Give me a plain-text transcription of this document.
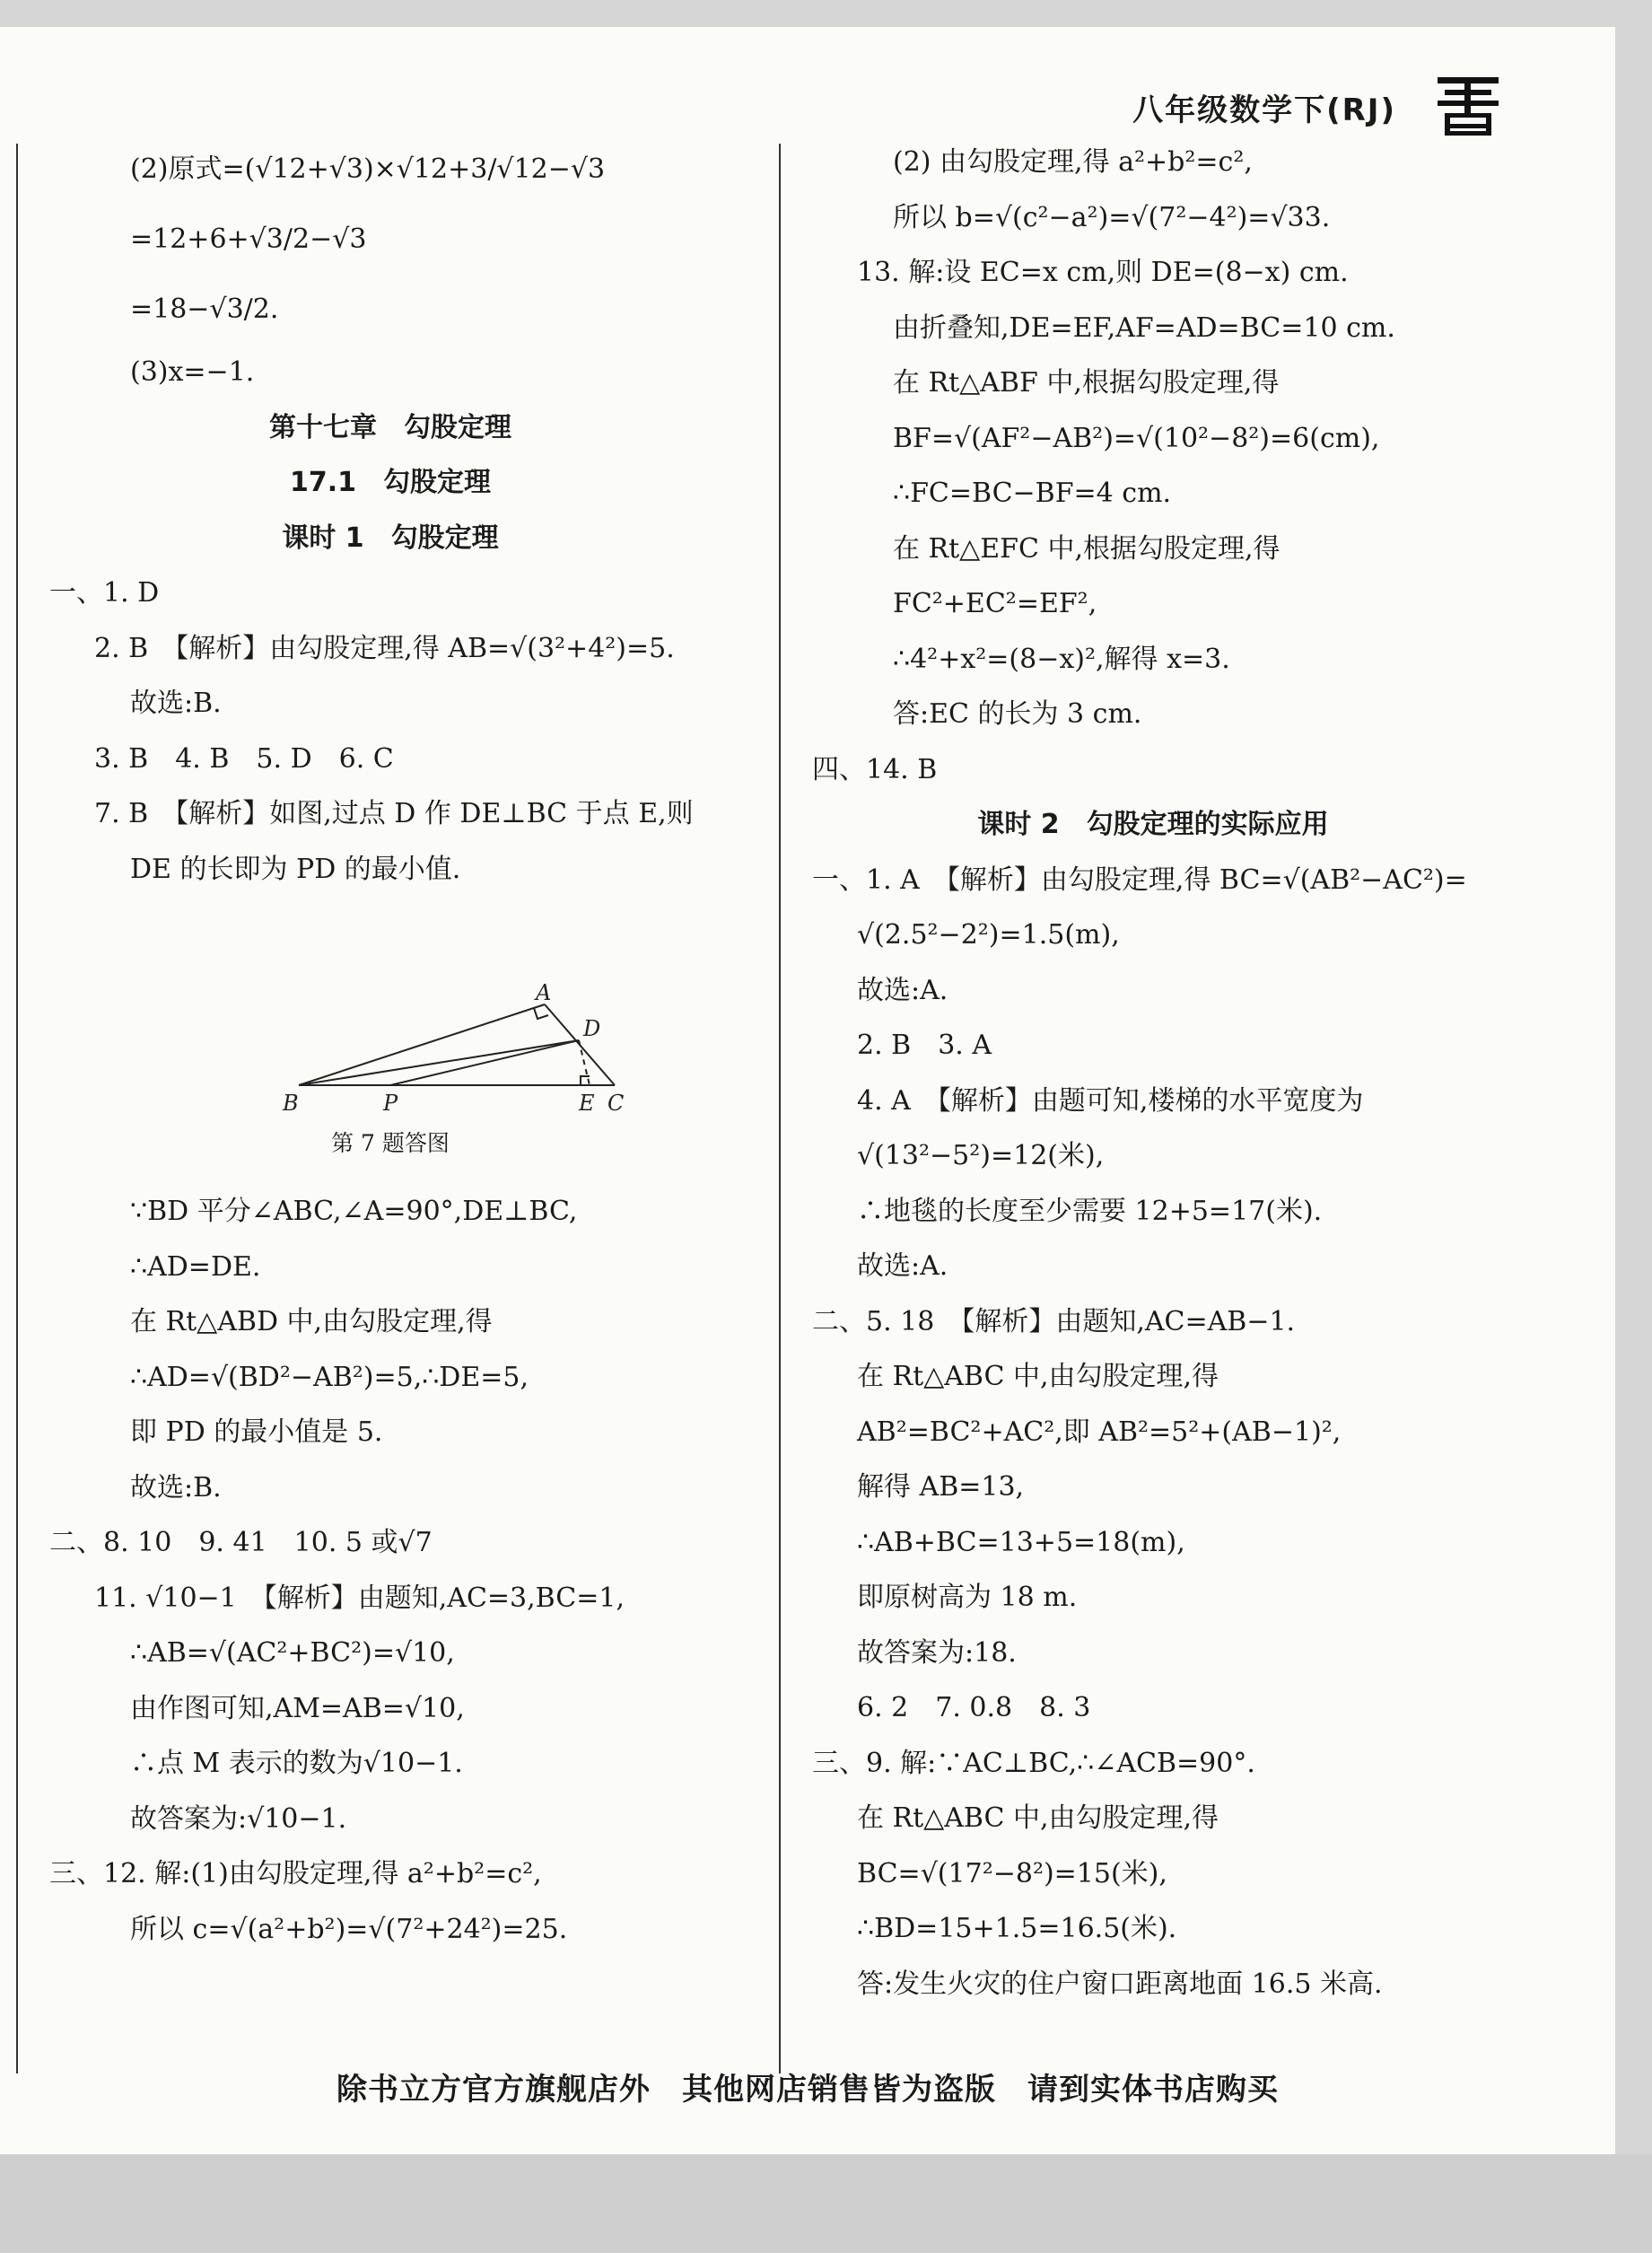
八年级数学下(RJ)
(2)原式=(√12+√3)×√12+3/√12−√3
=12+6+√3/2−√3
=18−√3/2.
(3)x=−1.
第十七章　勾股定理
17.1　勾股定理
课时 1　勾股定理
一、1. D
2. B　【解析】由勾股定理,得 AB=√(3²+4²)=5.
故选:B.
3. B　4. B　5. D　6. C
7. B　【解析】如图,过点 D 作 DE⊥BC 于点 E,则
DE 的长即为 PD 的最小值.
A
B	C
D
E
P
第 7 题答图
∵BD 平分∠ABC,∠A=90°,DE⊥BC,
∴AD=DE.
在 Rt△ABD 中,由勾股定理,得
∴AD=√(BD²−AB²)=5,∴DE=5,
即 PD 的最小值是 5.
故选:B.
二、8. 10　9. 41　10. 5 或√7
11. √10−1　【解析】由题知,AC=3,BC=1,
∴AB=√(AC²+BC²)=√10,
由作图可知,AM=AB=√10,
∴点 M 表示的数为√10−1.
故答案为:√10−1.
三、12. 解:(1)由勾股定理,得 a²+b²=c²,
所以 c=√(a²+b²)=√(7²+24²)=25.
(2) 由勾股定理,得 a²+b²=c²,
所以 b=√(c²−a²)=√(7²−4²)=√33.
13. 解:设 EC=x cm,则 DE=(8−x) cm.
由折叠知,DE=EF,AF=AD=BC=10 cm.
在 Rt△ABF 中,根据勾股定理,得
BF=√(AF²−AB²)=√(10²−8²)=6(cm),
∴FC=BC−BF=4 cm.
在 Rt△EFC 中,根据勾股定理,得
FC²+EC²=EF²,
∴4²+x²=(8−x)²,解得 x=3.
答:EC 的长为 3 cm.
四、14. B
课时 2　勾股定理的实际应用
一、1. A　【解析】由勾股定理,得 BC=√(AB²−AC²)=
√(2.5²−2²)=1.5(m),
故选:A.
2. B　3. A
4. A　【解析】由题可知,楼梯的水平宽度为
√(13²−5²)=12(米),
∴地毯的长度至少需要 12+5=17(米).
故选:A.
二、5. 18　【解析】由题知,AC=AB−1.
在 Rt△ABC 中,由勾股定理,得
AB²=BC²+AC²,即 AB²=5²+(AB−1)²,
解得 AB=13,
∴AB+BC=13+5=18(m),
即原树高为 18 m.
故答案为:18.
6. 2　7. 0.8　8. 3
三、9. 解:∵AC⊥BC,∴∠ACB=90°.
在 Rt△ABC 中,由勾股定理,得
BC=√(17²−8²)=15(米),
∴BD=15+1.5=16.5(米).
答:发生火灾的住户窗口距离地面 16.5 米高.
除书立方官方旗舰店外　其他网店销售皆为盗版　请到实体书店购买
